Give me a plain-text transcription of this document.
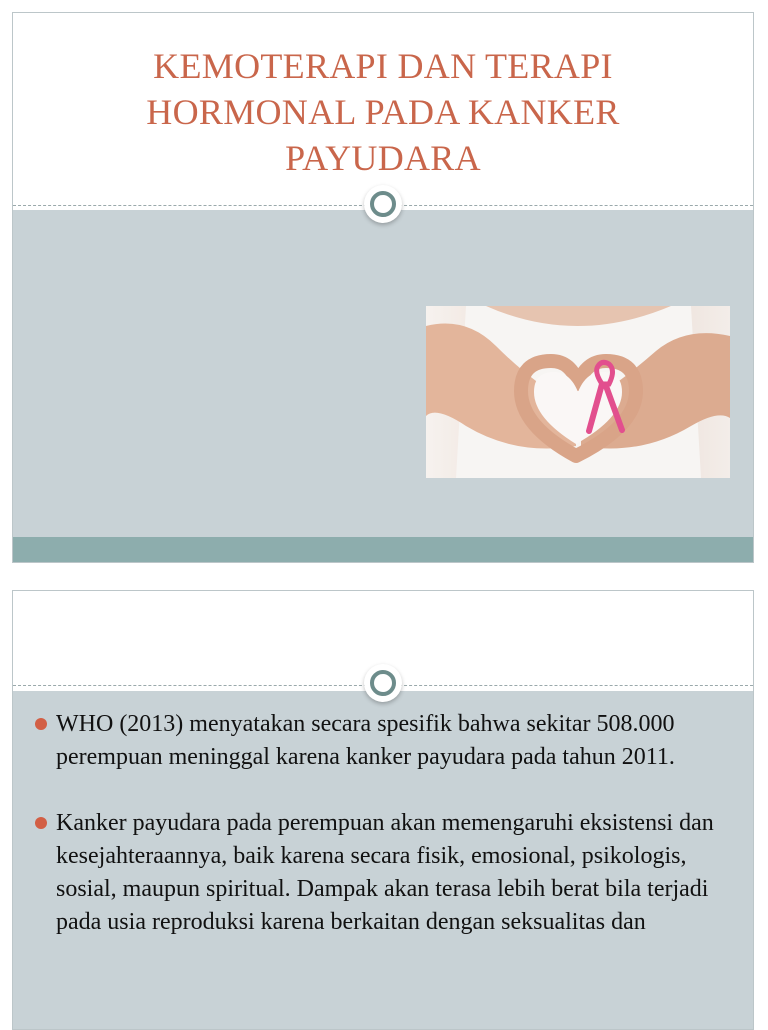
KEMOTERAPI DAN TERAPI
HORMONAL PADA KANKER
PAYUDARA
WHO (2013) menyatakan secara spesifik bahwa sekitar 508.000 perempuan meninggal karena kanker payudara pada tahun 2011.
Kanker payudara pada perempuan akan memengaruhi eksistensi dan kesejahteraannya, baik karena secara fisik, emosional, psikologis, sosial, maupun spiritual. Dampak akan terasa lebih berat bila terjadi pada usia reproduksi karena berkaitan dengan seksualitas dan
